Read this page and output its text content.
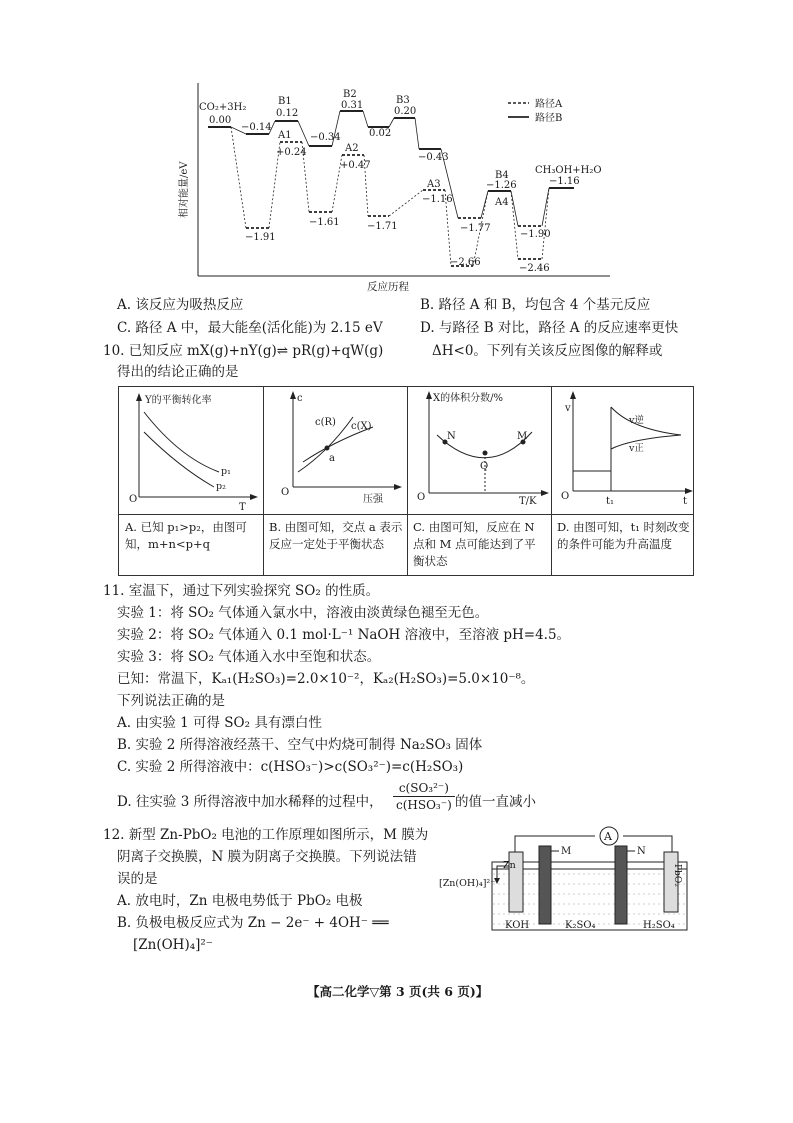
相对能量/eV
路径A
路径B
CO₂+3H₂
0.00
−0.14
B1
0.12
A1
+0.24
−0.34
B2
0.31
A2
+0.47
0.02
B3
0.20
−0.43
A3
−1.16
B4
−1.26
A4
CH₃OH+H₂O
−1.16
−1.91
−1.61	−1.71	−1.77
−2.66
−1.90
−2.46
反应历程
A. 该反应为吸热反应	B. 路径 A 和 B，均包含 4 个基元反应
C. 路径 A 中，最大能垒(活化能)为 2.15 eV	D. 与路径 B 对比，路径 A 的反应速率更快
10. 已知反应 mX(g)+nY(g)⇌ pR(g)+qW(g)	ΔH<0。下列有关该反应图像的解释或
得出的结论正确的是
Y的平衡转化率
p₁
p₂
O
T
c
c(R) c(X)
a
O
压强
X的体积分数/%
N
Q
M
O	T/K
v
v逆
v正
O	t₁	t
A. 已知 p₁>p₂，由图可知，m+n<p+q
B. 由图可知，交点 a 表示反应一定处于平衡状态
C. 由图可知，反应在 N 点和 M 点可能达到了平衡状态
D. 由图可知，t₁ 时刻改变的条件可能为升高温度
11. 室温下，通过下列实验探究 SO₂ 的性质。
实验 1：将 SO₂ 气体通入氯水中，溶液由淡黄绿色褪至无色。
实验 2：将 SO₂ 气体通入 0.1 mol·L⁻¹ NaOH 溶液中，至溶液 pH=4.5。
实验 3：将 SO₂ 气体通入水中至饱和状态。
已知：常温下，Kₐ₁(H₂SO₃)=2.0×10⁻²，Kₐ₂(H₂SO₃)=5.0×10⁻⁸。
下列说法正确的是
A. 由实验 1 可得 SO₂ 具有漂白性
B. 实验 2 所得溶液经蒸干、空气中灼烧可制得 Na₂SO₃ 固体
C. 实验 2 所得溶液中：c(HSO₃⁻)>c(SO₃²⁻)=c(H₂SO₃)
D. 往实验 3 所得溶液中加水稀释的过程中，
c(SO₃²⁻)
c(HSO₃⁻) 的值一直减小
12. 新型 Zn-PbO₂ 电池的工作原理如图所示，M 膜为
阴离子交换膜，N 膜为阴离子交换膜。下列说法错
误的是
A. 放电时，Zn 电极电势低于 PbO₂ 电极
B. 负极电极反应式为 Zn − 2e⁻ + 4OH⁻ ══
[Zn(OH)₄]²⁻
A
M	N
Zn	PbO₂
[Zn(OH)₄]²⁻
KOH	K₂SO₄	H₂SO₄
【高二化学▽第 3 页(共 6 页)】
